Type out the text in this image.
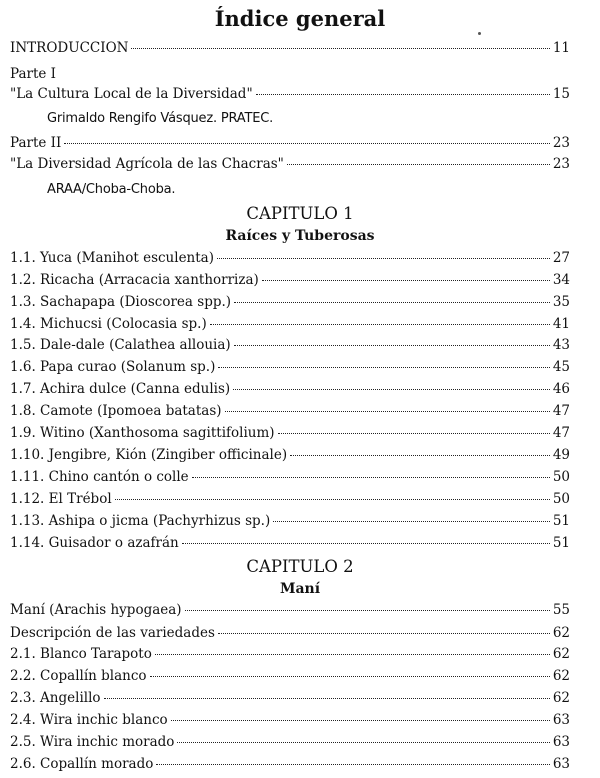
Índice general
INTRODUCCION	11
Parte I
"La Cultura Local de la Diversidad"	15
Grimaldo Rengifo Vásquez. PRATEC.
Parte II	23
"La Diversidad Agrícola de las Chacras"	23
ARAA/Choba-Choba.
CAPITULO 1
Raíces y Tuberosas
1.1. Yuca (Manihot esculenta)	27
1.2. Ricacha (Arracacia xanthorriza)	34
1.3. Sachapapa (Dioscorea spp.)	35
1.4. Michucsi (Colocasia sp.)	41
1.5. Dale-dale (Calathea allouia)	43
1.6. Papa curao (Solanum sp.)	45
1.7. Achira dulce (Canna edulis)	46
1.8. Camote (Ipomoea batatas)	47
1.9. Witino (Xanthosoma sagittifolium)	47
1.10. Jengibre, Kión (Zingiber officinale)	49
1.11. Chino cantón o colle	50
1.12. El Trébol	50
1.13. Ashipa o jicma (Pachyrhizus sp.)	51
1.14. Guisador o azafrán	51
CAPITULO 2
Maní
Maní (Arachis hypogaea)	55
Descripción de las variedades	62
2.1. Blanco Tarapoto	62
2.2. Copallín blanco	62
2.3. Angelillo	62
2.4. Wira inchic blanco	63
2.5. Wira inchic morado	63
2.6. Copallín morado	63
